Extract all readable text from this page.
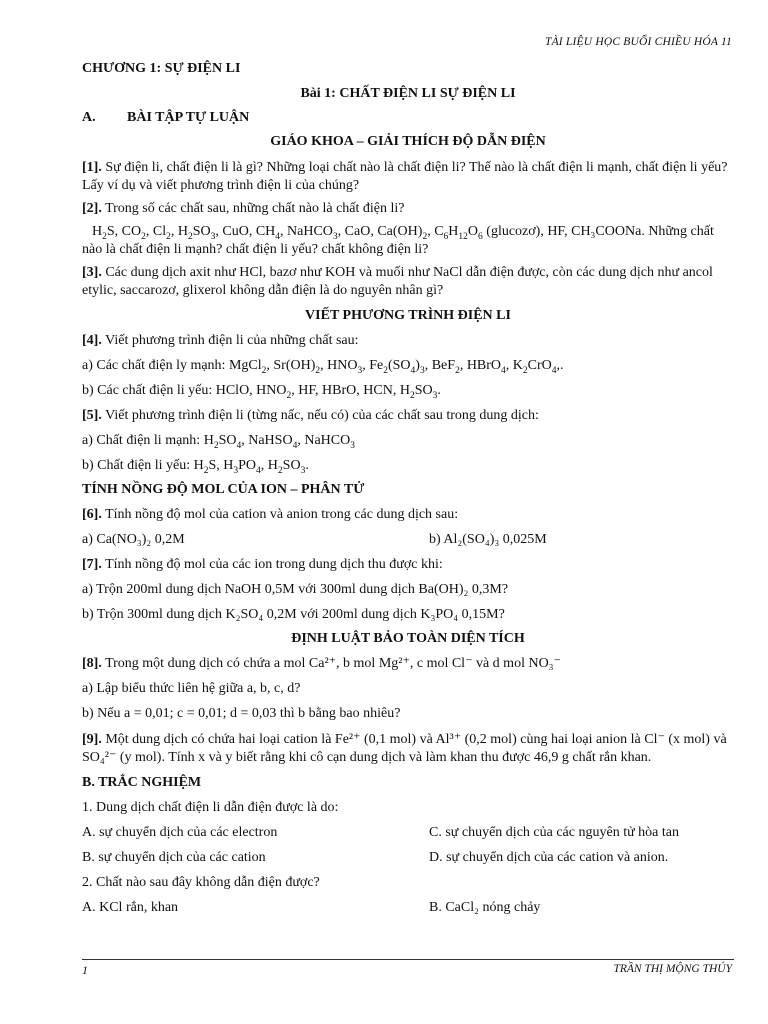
TÀI LIỆU HỌC BUỔI CHIỀU HÓA 11
CHƯƠNG 1: SỰ ĐIỆN LI
Bài 1: CHẤT ĐIỆN LI SỰ ĐIỆN LI
A. BÀI TẬP TỰ LUẬN
GIÁO KHOA – GIẢI THÍCH ĐỘ DẪN ĐIỆN

[1]. Sự điện li, chất điện li là gì? Những loại chất nào là chất điện li? Thế nào là chất điện li mạnh, chất điện li yếu? Lấy ví dụ và viết phương trình điện li của chúng?

[2]. Trong số các chất sau, những chất nào là chất điện li?

$H_2S$, $CO_2$, $Cl_2$, $H_2SO_3$, CuO, $CH_4$, NaHCO$_3$, CaO, $Ca(OH)_2$, $C_6H_{12}O_6$ (glucozơ), HF, CH₃COONa. Những chất nào là chất điện li mạnh? chất điện li yếu? chất không điện li?

[3]. Các dung dịch axit như HCl, bazơ như KOH và muối như NaCl dẫn điện được, còn các dung dịch như ancol etylic, saccarozơ, glixerol không dẫn điện là do nguyên nhân gì?

VIẾT PHƯƠNG TRÌNH ĐIỆN LI

[4]. Viết phương trình điện li của những chất sau:

a) Các chất điện ly mạnh: MgCl$_2$, $Sr(OH)_2$, $HNO_3$, $Fe_2(SO_4)_3$, BeF$_2$, HBrO$_4$, $K_2CrO_4$,.

b) Các chất điện li yếu: HClO, $HNO_2$, HF, HBrO, HCN, $H_2SO_3$.

[5]. Viết phương trình điện li (từng nấc, nếu có) của các chất sau trong dung dịch:

a) Chất điện li mạnh: $H_2SO_4$, NaHSO$_4$, NaHCO$_3$

b) Chất điện li yếu: $H_2S$, $H_3PO_4$, $H_2SO_3$.

TÍNH NỒNG ĐỘ MOL CỦA ION – PHÂN TỬ

[6]. Tính nồng độ mol của cation và anion trong các dung dịch sau:

a) Ca(NO₃)₂ 0,2M	b) Al₂(SO₄)₃ 0,025M

[7]. Tính nồng độ mol của các ion trong dung dịch thu được khi:

a) Trộn 200ml dung dịch NaOH 0,5M với 300ml dung dịch Ba(OH)₂ 0,3M?

b) Trộn 300ml dung dịch K₂SO₄ 0,2M với 200ml dung dịch K₃PO₄ 0,15M?

ĐỊNH LUẬT BẢO TOÀN DIỆN TÍCH

[8]. Trong một dung dịch có chứa a mol Ca²⁺, b mol Mg²⁺, c mol Cl⁻ và d mol NO₃⁻

a) Lập biểu thức liên hệ giữa a, b, c, d?

b) Nếu a = 0,01; c = 0,01; d = 0,03 thì b bằng bao nhiêu?

[9]. Một dung dịch có chứa hai loại cation là Fe²⁺ (0,1 mol) và Al³⁺ (0,2 mol) cùng hai loại anion là Cl⁻ (x mol) và SO₄²⁻ (y mol). Tính x và y biết rằng khi cô cạn dung dịch và làm khan thu được 46,9 g chất rắn khan.

B. TRẮC NGHIỆM

1. Dung dịch chất điện li dẫn điện được là do:

A. sự chuyển dịch của các electron	C. sự chuyển dịch của các nguyên tử hòa tan
B. sự chuyển dịch của các cation	D. sự chuyển dịch của các cation và anion.

2. Chất nào sau đây không dẫn điện được?

A. KCl rắn, khan	B. CaCl₂ nóng chảy
1	TRẦN THỊ MỘNG THÚY
